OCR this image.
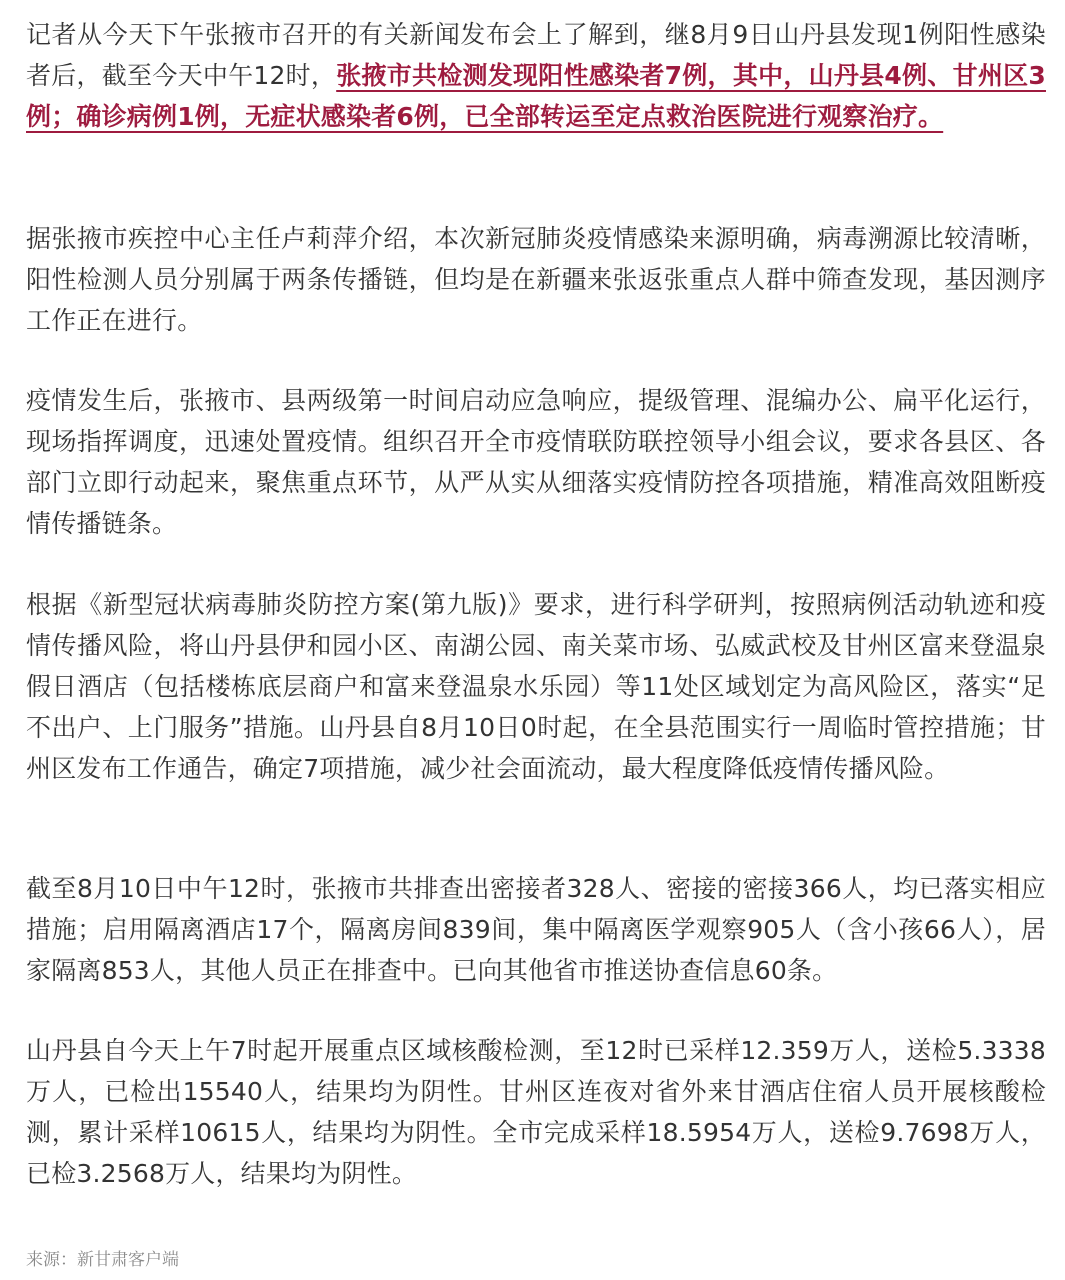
记者从今天下午张掖市召开的有关新闻发布会上了解到，继8月9日山丹县发现1例阳性感染者后，截至今天中午12时，张掖市共检测发现阳性感染者7例，其中，山丹县4例、甘州区3例；确诊病例1例，无症状感染者6例，已全部转运至定点救治医院进行观察治疗。

据张掖市疾控中心主任卢莉萍介绍，本次新冠肺炎疫情感染来源明确，病毒溯源比较清晰，阳性检测人员分别属于两条传播链，但均是在新疆来张返张重点人群中筛查发现，基因测序工作正在进行。

疫情发生后，张掖市、县两级第一时间启动应急响应，提级管理、混编办公、扁平化运行，现场指挥调度，迅速处置疫情。组织召开全市疫情联防联控领导小组会议，要求各县区、各部门立即行动起来，聚焦重点环节，从严从实从细落实疫情防控各项措施，精准高效阻断疫情传播链条。

根据《新型冠状病毒肺炎防控方案(第九版)》要求，进行科学研判，按照病例活动轨迹和疫情传播风险，将山丹县伊和园小区、南湖公园、南关菜市场、弘威武校及甘州区富来登温泉假日酒店（包括楼栋底层商户和富来登温泉水乐园）等11处区域划定为高风险区，落实“足不出户、上门服务”措施。山丹县自8月10日0时起，在全县范围实行一周临时管控措施；甘州区发布工作通告，确定7项措施，减少社会面流动，最大程度降低疫情传播风险。

截至8月10日中午12时，张掖市共排查出密接者328人、密接的密接366人，均已落实相应措施；启用隔离酒店17个，隔离房间839间，集中隔离医学观察905人（含小孩66人），居家隔离853人，其他人员正在排查中。已向其他省市推送协查信息60条。

山丹县自今天上午7时起开展重点区域核酸检测，至12时已采样12.359万人，送检5.3338万人，已检出15540人，结果均为阴性。甘州区连夜对省外来甘酒店住宿人员开展核酸检测，累计采样10615人，结果均为阴性。全市完成采样18.5954万人，送检9.7698万人，已检3.2568万人，结果均为阴性。

来源：新甘肃客户端
